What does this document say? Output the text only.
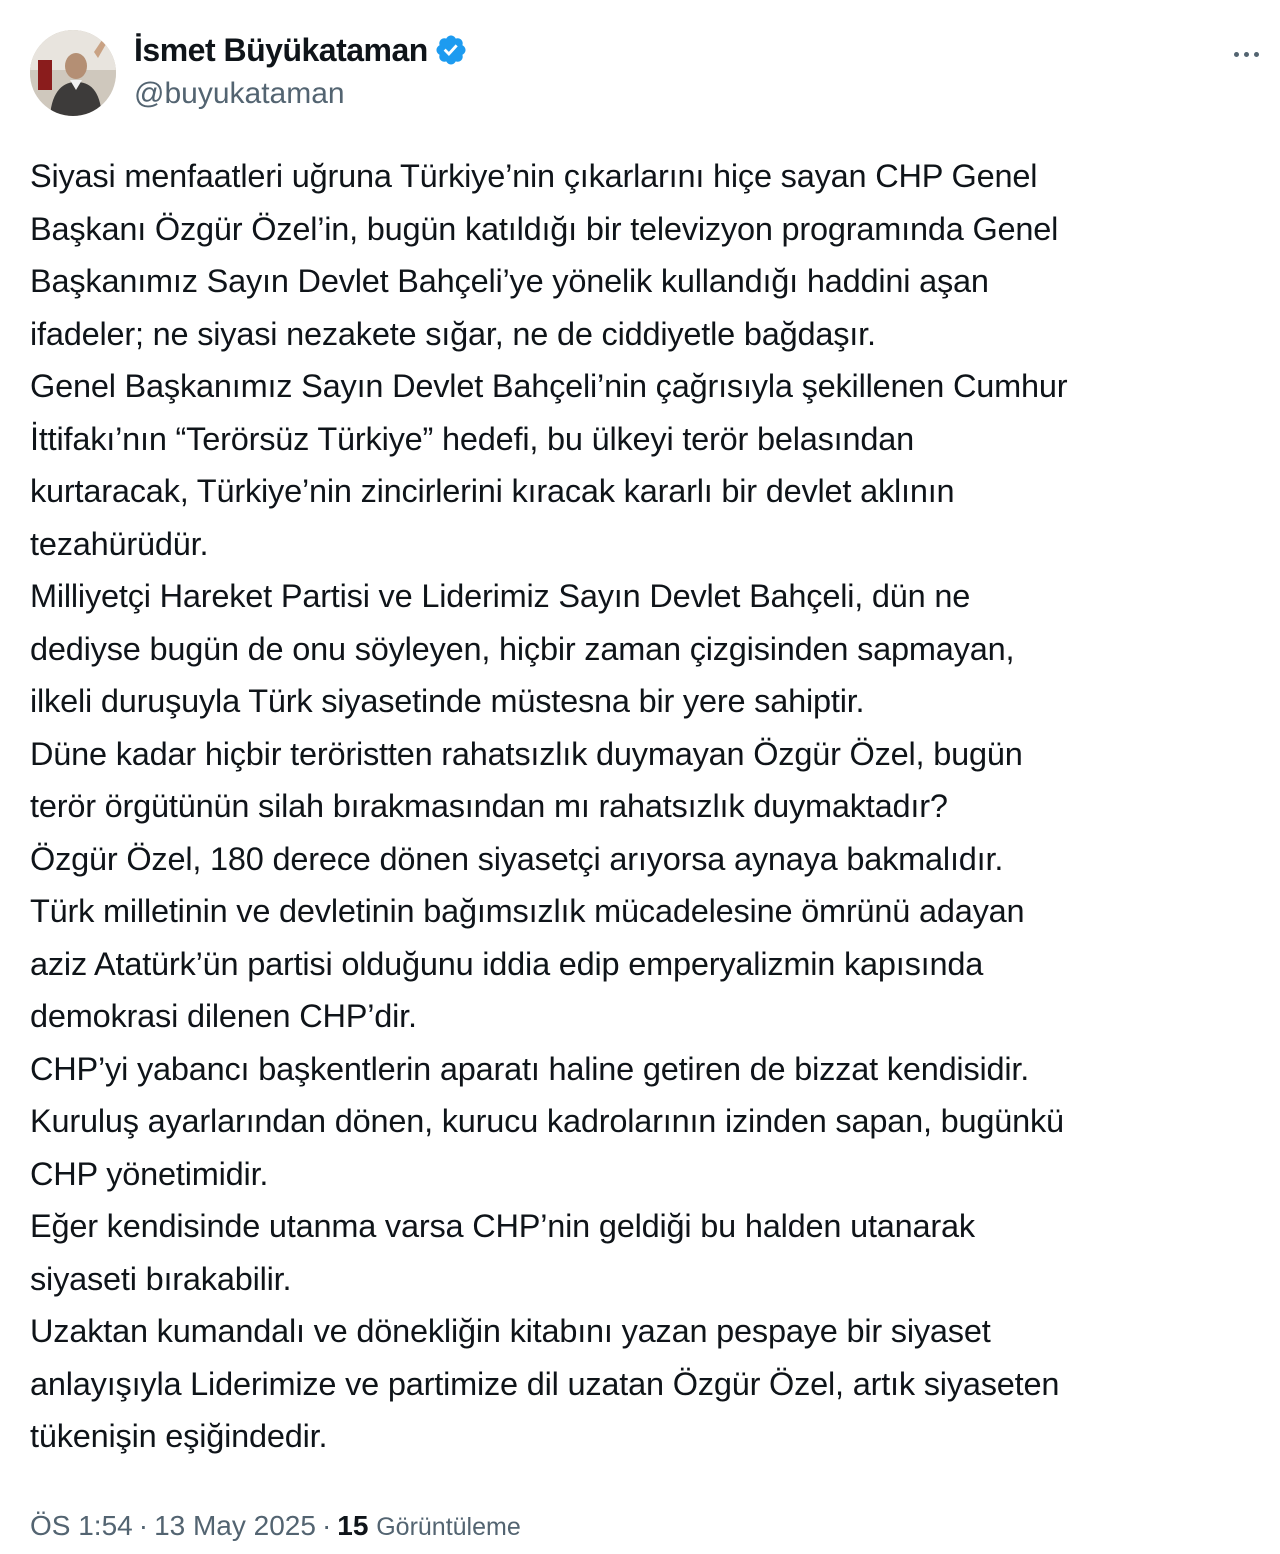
İsmet Büyükataman
@buyukataman
Siyasi menfaatleri uğruna Türkiye’nin çıkarlarını hiçe sayan CHP Genel
Başkanı Özgür Özel’in, bugün katıldığı bir televizyon programında Genel
Başkanımız Sayın Devlet Bahçeli’ye yönelik kullandığı haddini aşan
ifadeler; ne siyasi nezakete sığar, ne de ciddiyetle bağdaşır.
Genel Başkanımız Sayın Devlet Bahçeli’nin çağrısıyla şekillenen Cumhur
İttifakı’nın “Terörsüz Türkiye” hedefi, bu ülkeyi terör belasından
kurtaracak, Türkiye’nin zincirlerini kıracak kararlı bir devlet aklının
tezahürüdür.
Milliyetçi Hareket Partisi ve Liderimiz Sayın Devlet Bahçeli, dün ne
dediyse bugün de onu söyleyen, hiçbir zaman çizgisinden sapmayan,
ilkeli duruşuyla Türk siyasetinde müstesna bir yere sahiptir.
Düne kadar hiçbir teröristten rahatsızlık duymayan Özgür Özel, bugün
terör örgütünün silah bırakmasından mı rahatsızlık duymaktadır?
Özgür Özel, 180 derece dönen siyasetçi arıyorsa aynaya bakmalıdır.
Türk milletinin ve devletinin bağımsızlık mücadelesine ömrünü adayan
aziz Atatürk’ün partisi olduğunu iddia edip emperyalizmin kapısında
demokrasi dilenen CHP’dir.
CHP’yi yabancı başkentlerin aparatı haline getiren de bizzat kendisidir.
Kuruluş ayarlarından dönen, kurucu kadrolarının izinden sapan, bugünkü
CHP yönetimidir.
Eğer kendisinde utanma varsa CHP’nin geldiği bu halden utanarak
siyaseti bırakabilir.
Uzaktan kumandalı ve dönekliğin kitabını yazan pespaye bir siyaset
anlayışıyla Liderimize ve partimize dil uzatan Özgür Özel, artık siyaseten
tükenişin eşiğindedir.
ÖS 1:54 · 13 May 2025 · 15 Görüntüleme
